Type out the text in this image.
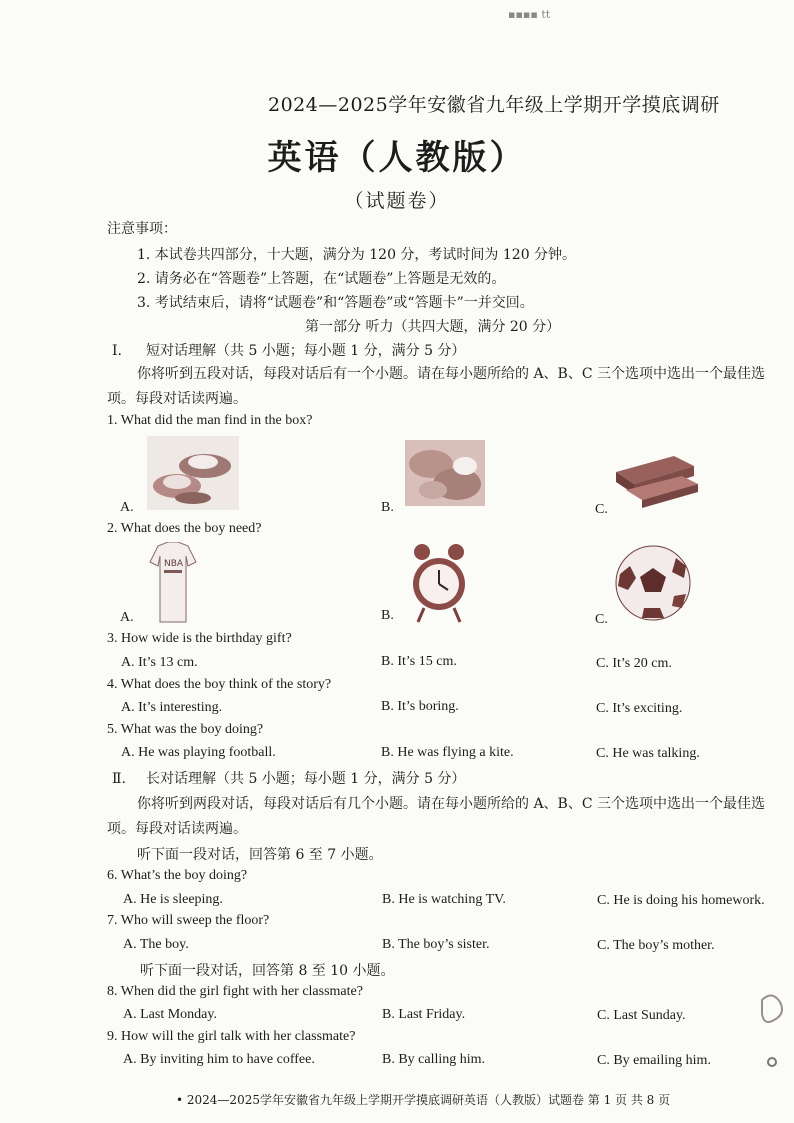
▪▪▪▪ tt
2024—2025学年安徽省九年级上学期开学摸底调研
英语（人教版）
（试题卷）
注意事项：
1. 本试卷共四部分，十大题，满分为 120 分，考试时间为 120 分钟。
2. 请务必在“答题卷”上答题，在“试题卷”上答题是无效的。
3. 考试结束后，请将“试题卷”和“答题卷”或“答题卡”一并交回。
第一部分 听力（共四大题，满分 20 分）
Ⅰ. 短对话理解（共 5 小题；每小题 1 分，满分 5 分）
你将听到五段对话，每段对话后有一个小题。请在每小题所给的 A、B、C 三个选项中选出一个最佳选项。每段对话读两遍。
1. What did the man find in the box?
A.	B.	C.
2. What does the boy need?
A.	B.	C.
NBA
3. How wide is the birthday gift?
A. It’s 13 cm.	B. It’s 15 cm.	C. It’s 20 cm.
4. What does the boy think of the story?
A. It’s interesting.	B. It’s boring.	C. It’s exciting.
5. What was the boy doing?
A. He was playing football.	B. He was flying a kite.	C. He was talking.
Ⅱ. 长对话理解（共 5 小题；每小题 1 分，满分 5 分）
你将听到两段对话，每段对话后有几个小题。请在每小题所给的 A、B、C 三个选项中选出一个最佳选项。每段对话读两遍。
听下面一段对话，回答第 6 至 7 小题。
6. What’s the boy doing?
A. He is sleeping.	B. He is watching TV.	C. He is doing his homework.
7. Who will sweep the floor?
A. The boy.	B. The boy’s sister.	C. The boy’s mother.
听下面一段对话，回答第 8 至 10 小题。
8. When did the girl fight with her classmate?
A. Last Monday.	B. Last Friday.	C. Last Sunday.
9. How will the girl talk with her classmate?
A. By inviting him to have coffee.	B. By calling him.	C. By emailing him.
• 2024—2025学年安徽省九年级上学期开学摸底调研英语（人教版）试题卷 第 1 页 共 8 页
